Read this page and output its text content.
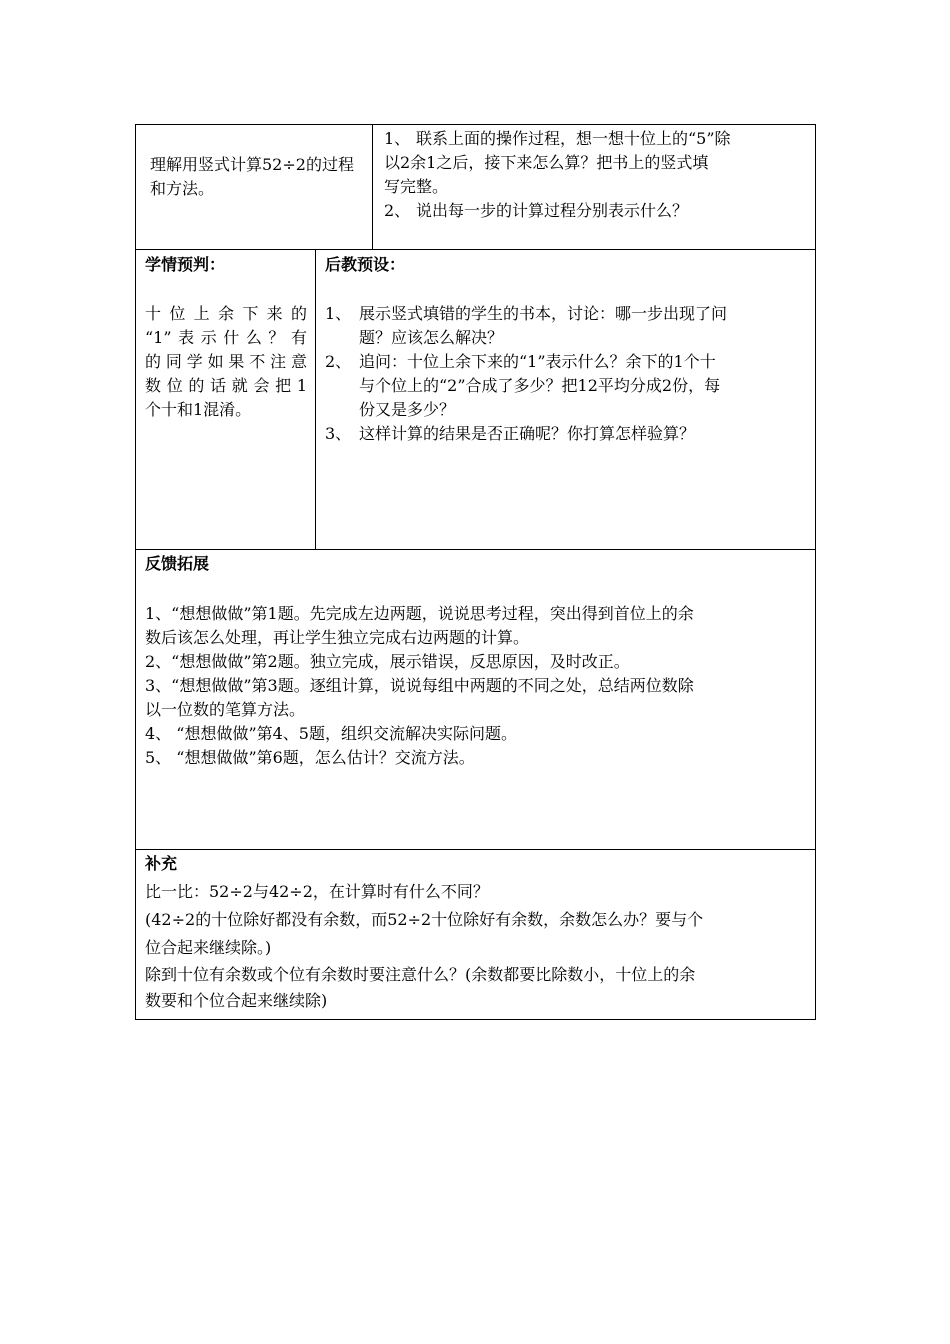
理解用竖式计算52÷2的过程和方法。
1、 联系上面的操作过程，想一想十位上的“5”除
以2余1之后，接下来怎么算？把书上的竖式填
写完整。
2、 说出每一步的计算过程分别表示什么？
学情预判：
十位上余下来的
“1”表示什么？有
的同学如果不注意
数位的话就会把1
个十和1混淆。
后教预设：
1、 展示竖式填错的学生的书本，讨论：哪一步出现了问
题？应该怎么解决？
2、 追问：十位上余下来的“1”表示什么？余下的1个十
与个位上的“2”合成了多少？把12平均分成2份，每
份又是多少？
3、 这样计算的结果是否正确呢？你打算怎样验算？
反馈拓展
1、“想想做做”第1题。先完成左边两题，说说思考过程，突出得到首位上的余
数后该怎么处理，再让学生独立完成右边两题的计算。
2、“想想做做”第2题。独立完成，展示错误，反思原因，及时改正。
3、“想想做做”第3题。逐组计算，说说每组中两题的不同之处，总结两位数除
以一位数的笔算方法。
4、 “想想做做”第4、5题，组织交流解决实际问题。
5、 “想想做做”第6题，怎么估计？交流方法。
补充
比一比：52÷2与42÷2，在计算时有什么不同？
(42÷2的十位除好都没有余数，而52÷2十位除好有余数，余数怎么办？要与个
位合起来继续除。)
除到十位有余数或个位有余数时要注意什么？(余数都要比除数小，十位上的余
数要和个位合起来继续除)
